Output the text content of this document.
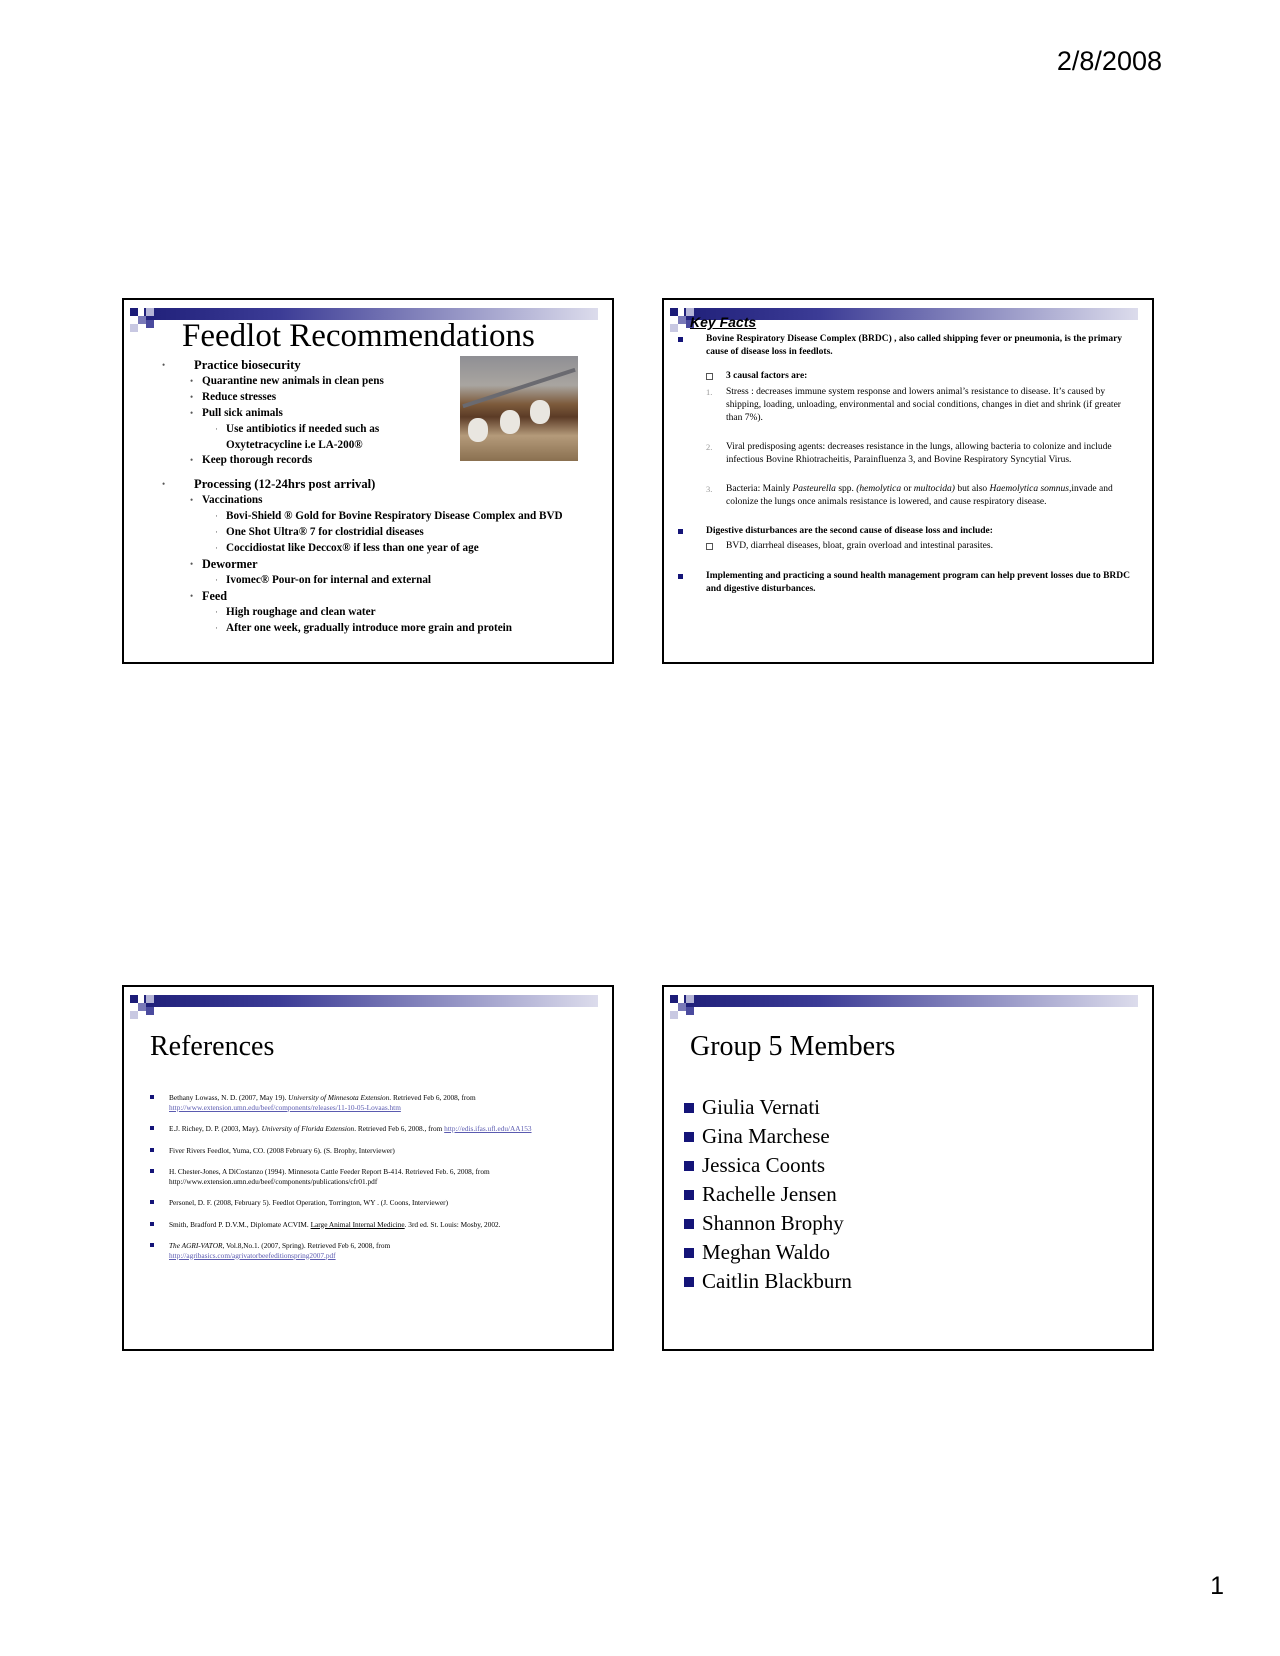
2/8/2008
Feedlot Recommendations
• Practice biosecurity
• Quarantine new animals in clean pens
• Reduce stresses
• Pull sick animals
· Use antibiotics if needed such as
Oxytetracycline i.e LA-200®
• Keep thorough records
• Processing (12-24hrs post arrival)
• Vaccinations
· Bovi-Shield ® Gold for Bovine Respiratory Disease Complex and BVD
· One Shot Ultra® 7 for clostridial diseases
· Coccidiostat like Deccox® if less than one year of age
• Dewormer
· Ivomec® Pour-on for internal and external
• Feed
· High roughage and clean water
· After one week, gradually introduce more grain and protein
Key Facts
Bovine Respiratory Disease Complex (BRDC) , also called shipping fever or pneumonia, is the primary cause of disease loss in feedlots.
3 causal factors are:
1. Stress : decreases immune system response and lowers animal’s resistance to disease. It’s caused by shipping, loading, unloading, environmental and social conditions, changes in diet and shrink (if greater than 7%).
2. Viral predisposing agents: decreases resistance in the lungs, allowing bacteria to colonize and include infectious Bovine Rhiotracheitis, Parainfluenza 3, and Bovine Respiratory Syncytial Virus.
3. Bacteria: Mainly Pasteurella spp. (hemolytica or multocida) but also Haemolytica somnus,invade and colonize the lungs once animals resistance is lowered, and cause respiratory disease.
Digestive disturbances are the second cause of disease loss and include:
BVD, diarrheal diseases, bloat, grain overload and intestinal parasites.
Implementing and practicing a sound health management program can help prevent losses due to BRDC and digestive disturbances.
References
Bethany Lowass, N. D. (2007, May 19). University of Minnesota Extension. Retrieved Feb 6, 2008, from
http://www.extension.umn.edu/beef/components/releases/11-10-05-Lovaas.htm
E.J. Richey, D. P. (2003, May). University of Florida Extension. Retrieved Feb 6, 2008., from http://edis.ifas.ufl.edu/AA153
Fiver Rivers Feedlot, Yuma, CO. (2008 February 6). (S. Brophy, Interviewer)
H. Chester-Jones, A DiCostanzo (1994). Minnesota Cattle Feeder Report B-414. Retrieved Feb. 6, 2008, from
http://www.extension.umn.edu/beef/components/publications/cfr01.pdf
Personel, D. F. (2008, February 5). Feedlot Operation, Torrington, WY . (J. Coons, Interviewer)
Smith, Bradford P. D.V.M., Diplomate ACVIM. Large Animal Internal Medicine. 3rd ed. St. Louis: Mosby, 2002.
The AGRI-VATOR, Vol.8,No.1. (2007, Spring). Retrieved Feb 6, 2008, from
http://agribasics.com/agrivatorbeefeditionspring2007.pdf
Group 5 Members
Giulia Vernati
Gina Marchese
Jessica Coonts
Rachelle Jensen
Shannon Brophy
Meghan Waldo
Caitlin Blackburn
1
